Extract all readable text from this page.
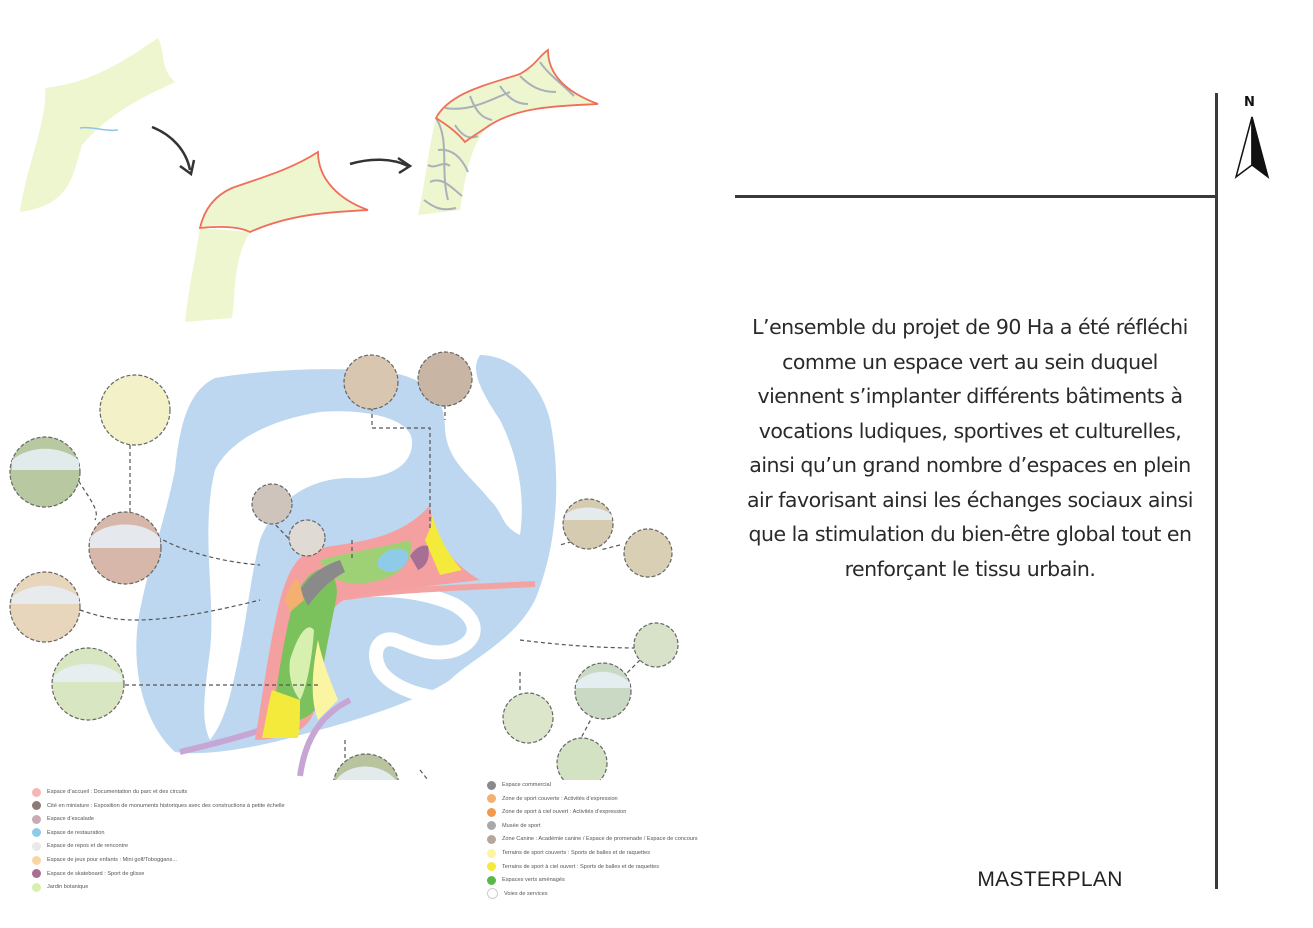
Espace d’accueil : Documentation du parc et des circuits
Cité en miniature : Exposition de monuments historiques avec des constructions à petite échelle
Espace d’escalade
Espace de restauration
Espace de repos et de rencontre
Espace de jeux pour enfants : Mini golf/Toboggans...
Espace de skateboard : Sport de glisse
Jardin botanique
Espace commercial
Zone de sport couverte : Activités d’expression
Zone de sport à ciel ouvert : Activités d’expression
Musée de sport
Zone Canine : Académie canine / Espace de promenade / Espace de concours
Terrains de sport couverts : Sports de balles et de raquettes
Terrains de sport à ciel ouvert : Sports de balles et de raquettes
Espaces verts aménagés
Voies de services
N
L’ensemble du projet de 90 Ha a été réfléchi comme un espace vert au sein duquel viennent s’implanter différents bâtiments à vocations ludiques, sportives et culturelles, ainsi qu’un grand nombre d’espaces en plein air favorisant ainsi les échanges sociaux ainsi que la stimulation du bien-être global tout en renforçant le tissu urbain.
MASTERPLAN
